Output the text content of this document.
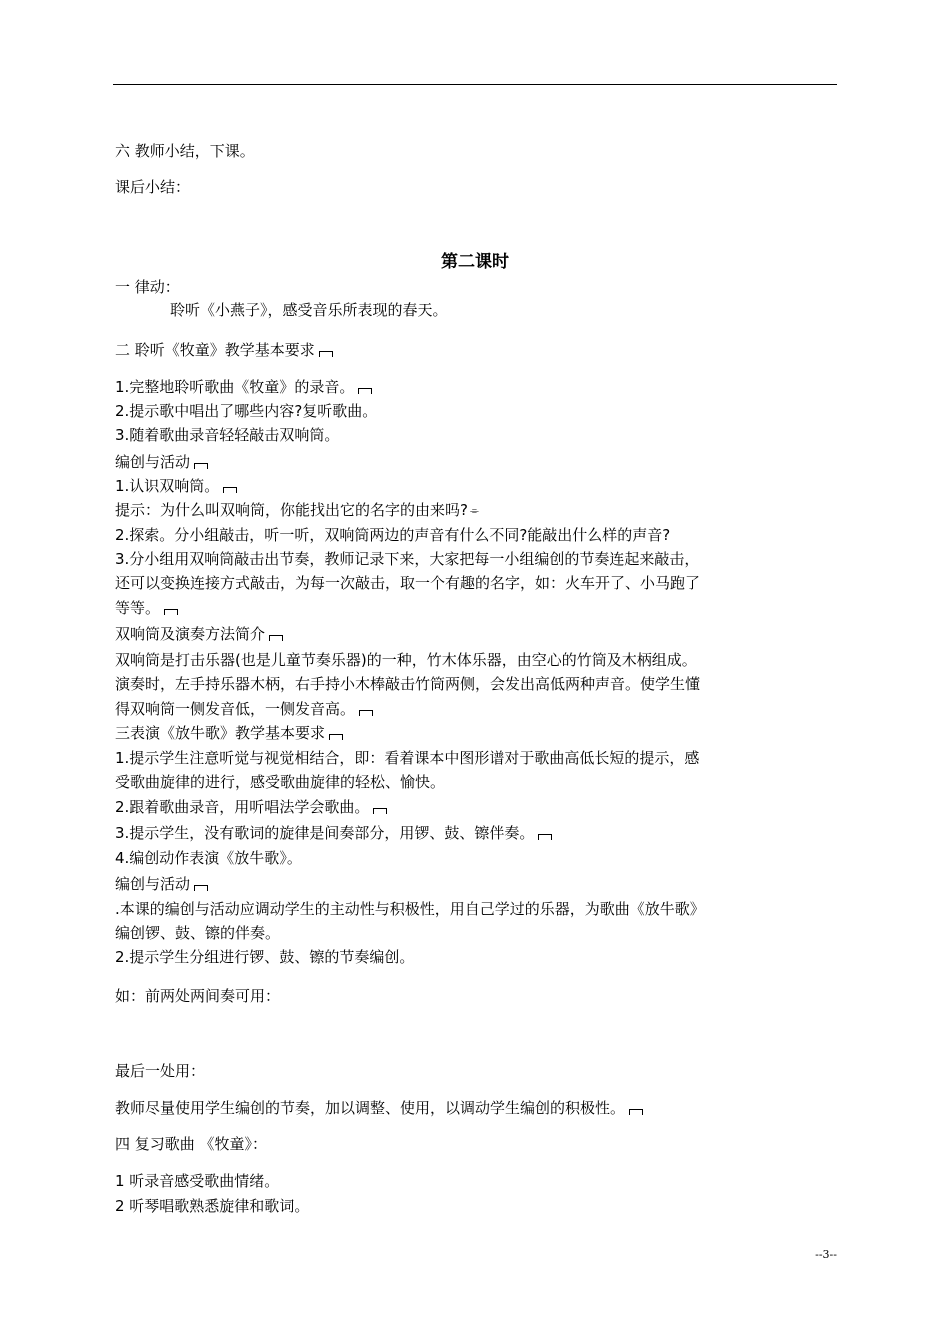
六 教师小结，下课。
课后小结：
第二课时
一 律动：
聆听《小燕子》，感受音乐所表现的春天。
二 聆听《牧童》教学基本要求
1.完整地聆听歌曲《牧童》的录音。
2.提示歌中唱出了哪些内容?复听歌曲。
3.随着歌曲录音轻轻敲击双响筒。
编创与活动
1.认识双响筒。
提示：为什么叫双响筒，你能找出它的名字的由来吗? ⌯
2.探索。分小组敲击，听一听，双响筒两边的声音有什么不同?能敲出什么样的声音?
3.分小组用双响筒敲击出节奏，教师记录下来，大家把每一小组编创的节奏连起来敲击，
还可以变换连接方式敲击，为每一次敲击，取一个有趣的名字，如：火车开了、小马跑了
等等。
双响筒及演奏方法简介
双响筒是打击乐器(也是儿童节奏乐器)的一种，竹木体乐器，由空心的竹筒及木柄组成。
演奏时，左手持乐器木柄，右手持小木棒敲击竹筒两侧，会发出高低两种声音。使学生懂
得双响筒一侧发音低，一侧发音高。
三表演《放牛歌》教学基本要求
1.提示学生注意听觉与视觉相结合，即：看着课本中图形谱对于歌曲高低长短的提示，感
受歌曲旋律的进行，感受歌曲旋律的轻松、愉快。
2.跟着歌曲录音，用听唱法学会歌曲。
3.提示学生，没有歌词的旋律是间奏部分，用锣、鼓、镲伴奏。
4.编创动作表演《放牛歌》。
编创与活动
.本课的编创与活动应调动学生的主动性与积极性，用自己学过的乐器，为歌曲《放牛歌》
编创锣、鼓、镲的伴奏。
2.提示学生分组进行锣、鼓、镲的节奏编创。
如：前两处两间奏可用：
最后一处用：
教师尽量使用学生编创的节奏，加以调整、使用，以调动学生编创的积极性。
四 复习歌曲 《牧童》：
1 听录音感受歌曲情绪。
2 听琴唱歌熟悉旋律和歌词。
--3--
